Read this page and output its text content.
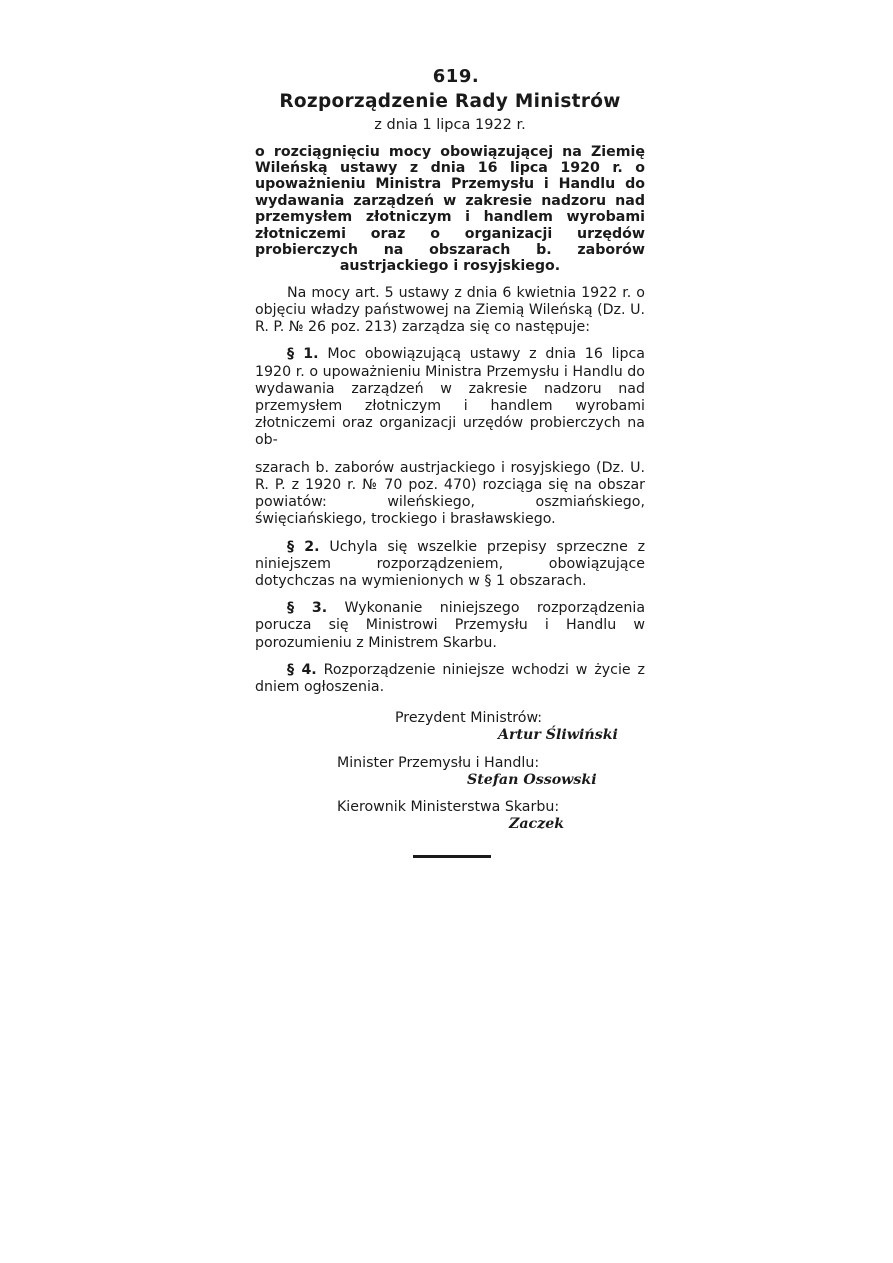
619.
Rozporządzenie Rady Ministrów
z dnia 1 lipca 1922 r.
o rozciągnięciu mocy obowiązującej na Ziemię Wileńską ustawy z dnia 16 lipca 1920 r. o upoważnieniu Ministra Przemysłu i Handlu do wydawania zarządzeń w zakresie nadzoru nad przemysłem złotniczym i handlem wyrobami złotniczemi oraz o organizacji urzędów probierczych na obszarach b. zaborów austrjackiego i rosyjskiego.
Na mocy art. 5 ustawy z dnia 6 kwietnia 1922 r. o objęciu władzy państwowej na Ziemią Wileńską (Dz. U. R. P. № 26 poz. 213) zarządza się co następuje:
§ 1. Moc obowiązującą ustawy z dnia 16 lipca 1920 r. o upoważnieniu Ministra Przemysłu i Handlu do wydawania zarządzeń w zakresie nadzoru nad przemysłem złotniczym i handlem wyrobami złotniczemi oraz organizacji urzędów probierczych na ob-
szarach b. zaborów austrjackiego i rosyjskiego (Dz. U. R. P. z 1920 r. № 70 poz. 470) rozciąga się na obszar powiatów: wileńskiego, oszmiańskiego, święciańskiego, trockiego i brasławskiego.
§ 2. Uchyla się wszelkie przepisy sprzeczne z niniejszem rozporządzeniem, obowiązujące dotychczas na wymienionych w § 1 obszarach.
§ 3. Wykonanie niniejszego rozporządzenia porucza się Ministrowi Przemysłu i Handlu w porozumieniu z Ministrem Skarbu.
§ 4. Rozporządzenie niniejsze wchodzi w życie z dniem ogłoszenia.
Prezydent Ministrów:
Artur Śliwiński
Minister Przemysłu i Handlu:
Stefan Ossowski
Kierownik Ministerstwa Skarbu:
Zaczek
